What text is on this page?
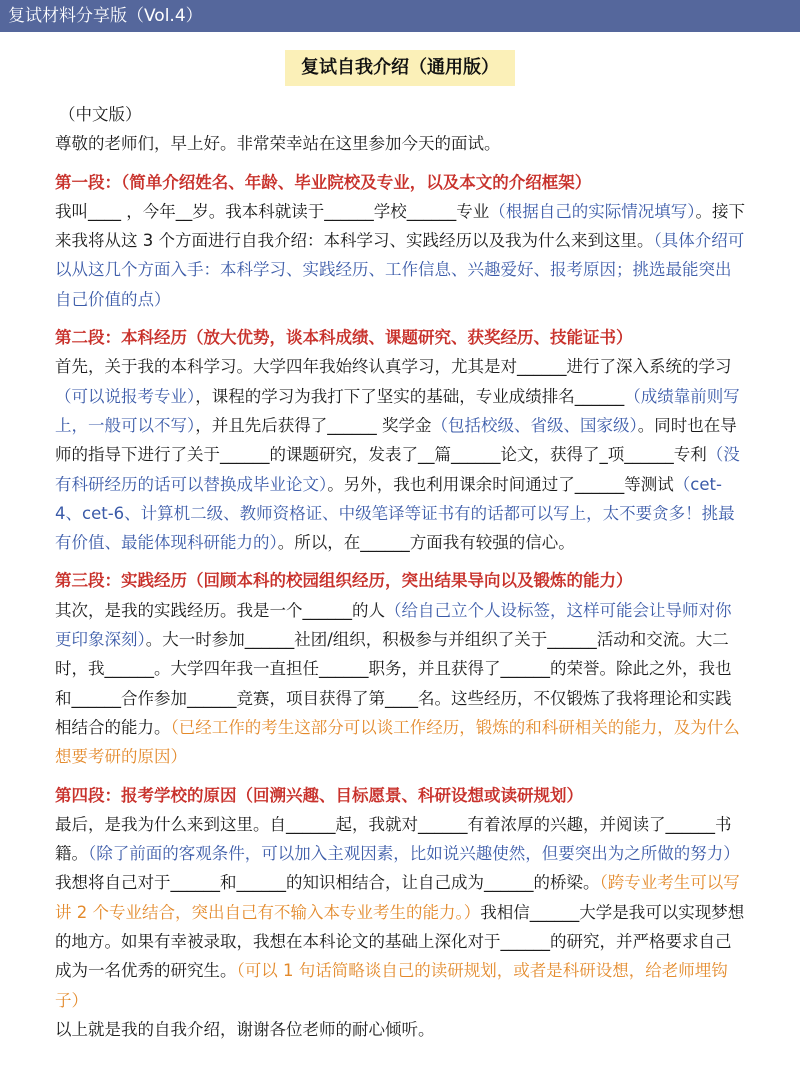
复试材料分享版（Vol.4）
复试自我介绍（通用版）

（中文版）

尊敬的老师们，早上好。非常荣幸站在这里参加今天的面试。

第一段：（简单介绍姓名、年龄、毕业院校及专业，以及本文的介绍框架）

我叫____ ，今年__岁。我本科就读于______学校______专业（根据自己的实际情况填写）。接下来我将从这 3 个方面进行自我介绍：本科学习、实践经历以及我为什么来到这里。（具体介绍可以从这几个方面入手：本科学习、实践经历、工作信息、兴趣爱好、报考原因；挑选最能突出自己价值的点）

第二段：本科经历（放大优势，谈本科成绩、课题研究、获奖经历、技能证书）

首先，关于我的本科学习。大学四年我始终认真学习，尤其是对______进行了深入系统的学习（可以说报考专业），课程的学习为我打下了坚实的基础，专业成绩排名______（成绩靠前则写上，一般可以不写），并且先后获得了______ 奖学金（包括校级、省级、国家级）。同时也在导师的指导下进行了关于______的课题研究，发表了__篇______论文，获得了_项______专利（没有科研经历的话可以替换成毕业论文）。另外，我也利用课余时间通过了______等测试（cet-4、cet-6、计算机二级、教师资格证、中级笔译等证书有的话都可以写上，太不要贪多！挑最有价值、最能体现科研能力的）。所以，在______方面我有较强的信心。

第三段：实践经历（回顾本科的校园组织经历，突出结果导向以及锻炼的能力）

其次，是我的实践经历。我是一个______的人（给自己立个人设标签，这样可能会让导师对你更印象深刻）。大一时参加______社团/组织，积极参与并组织了关于______活动和交流。大二时，我______。大学四年我一直担任______职务，并且获得了______的荣誉。除此之外，我也和______合作参加______竞赛，项目获得了第____名。这些经历，不仅锻炼了我将理论和实践相结合的能力。（已经工作的考生这部分可以谈工作经历，锻炼的和科研相关的能力，及为什么想要考研的原因）

第四段：报考学校的原因（回溯兴趣、目标愿景、科研设想或读研规划）

最后，是我为什么来到这里。自______起，我就对______有着浓厚的兴趣，并阅读了______书籍。（除了前面的客观条件，可以加入主观因素，比如说兴趣使然，但要突出为之所做的努力）我想将自己对于______和______的知识相结合，让自己成为______的桥梁。（跨专业考生可以写讲 2 个专业结合，突出自己有不输入本专业考生的能力。）我相信______大学是我可以实现梦想的地方。如果有幸被录取，我想在本科论文的基础上深化对于______的研究，并严格要求自己成为一名优秀的研究生。（可以 1 句话简略谈自己的读研规划，或者是科研设想，给老师埋钩子）

以上就是我的自我介绍，谢谢各位老师的耐心倾听。
